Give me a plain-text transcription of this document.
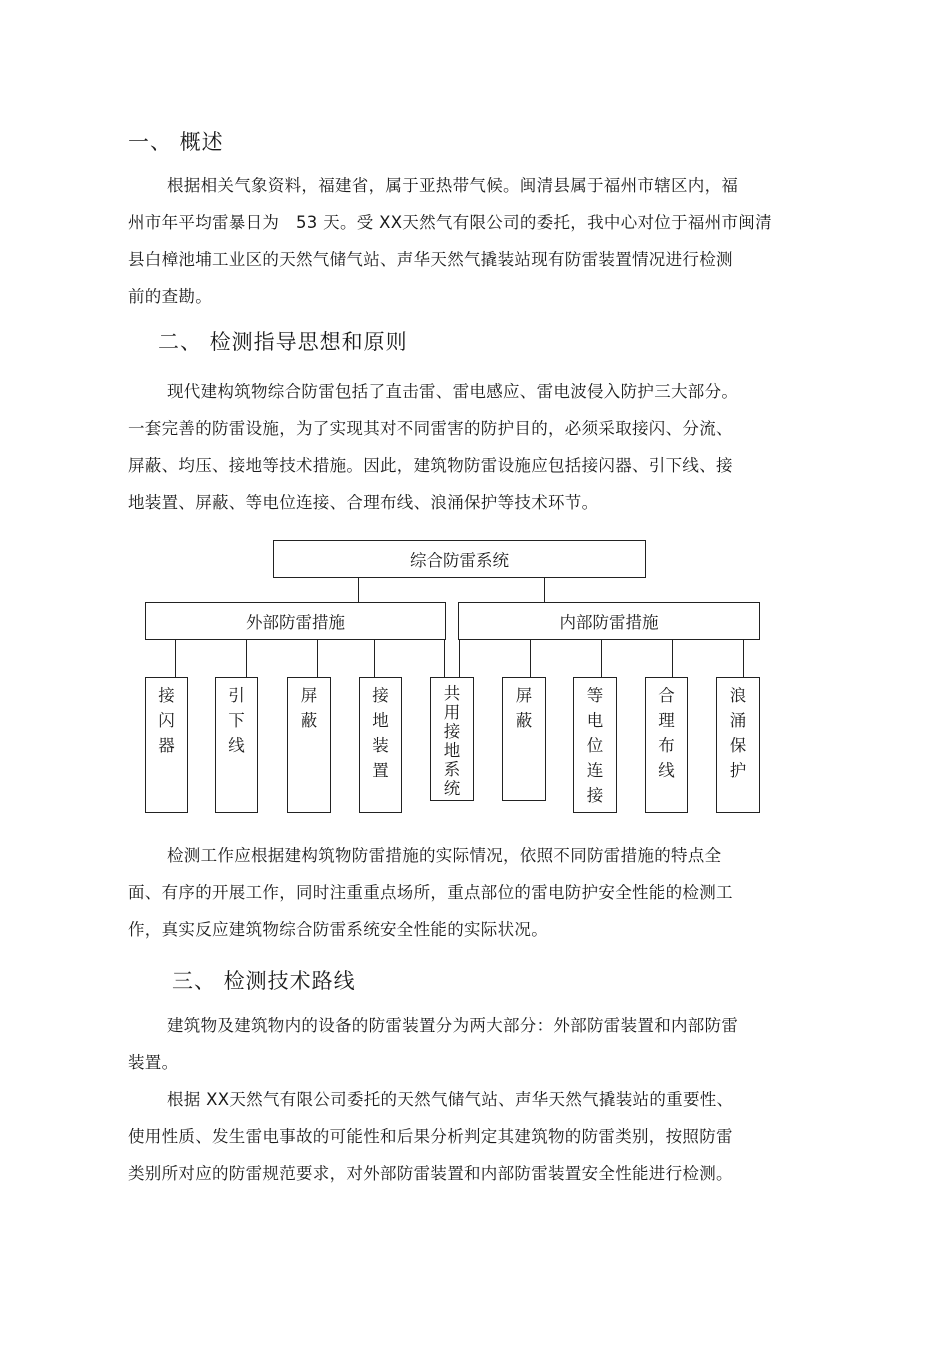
一、 概述
根据相关气象资料，福建省，属于亚热带气候。闽清县属于福州市辖区内，福
州市年平均雷暴日为　53 天。受 XX天然气有限公司的委托，我中心对位于福州市闽清
县白樟池埔工业区的天然气储气站、声华天然气撬装站现有防雷装置情况进行检测
前的查勘。
二、 检测指导思想和原则
现代建构筑物综合防雷包括了直击雷、雷电感应、雷电波侵入防护三大部分。
一套完善的防雷设施，为了实现其对不同雷害的防护目的，必须采取接闪、分流、
屏蔽、均压、接地等技术措施。因此，建筑物防雷设施应包括接闪器、引下线、接
地装置、屏蔽、等电位连接、合理布线、浪涌保护等技术环节。
综合防雷系统
外部防雷措施	内部防雷措施
接
闪
器
引
下
线
屏
蔽
接
地
装
置
共
用
接
地
系
统
屏
蔽
等
电
位
连
接
合
理
布
线
浪
涌
保
护
检测工作应根据建构筑物防雷措施的实际情况，依照不同防雷措施的特点全
面、有序的开展工作，同时注重重点场所，重点部位的雷电防护安全性能的检测工
作，真实反应建筑物综合防雷系统安全性能的实际状况。
三、 检测技术路线
建筑物及建筑物内的设备的防雷装置分为两大部分：外部防雷装置和内部防雷
装置。
根据 XX天然气有限公司委托的天然气储气站、声华天然气撬装站的重要性、
使用性质、发生雷电事故的可能性和后果分析判定其建筑物的防雷类别，按照防雷
类别所对应的防雷规范要求，对外部防雷装置和内部防雷装置安全性能进行检测。
